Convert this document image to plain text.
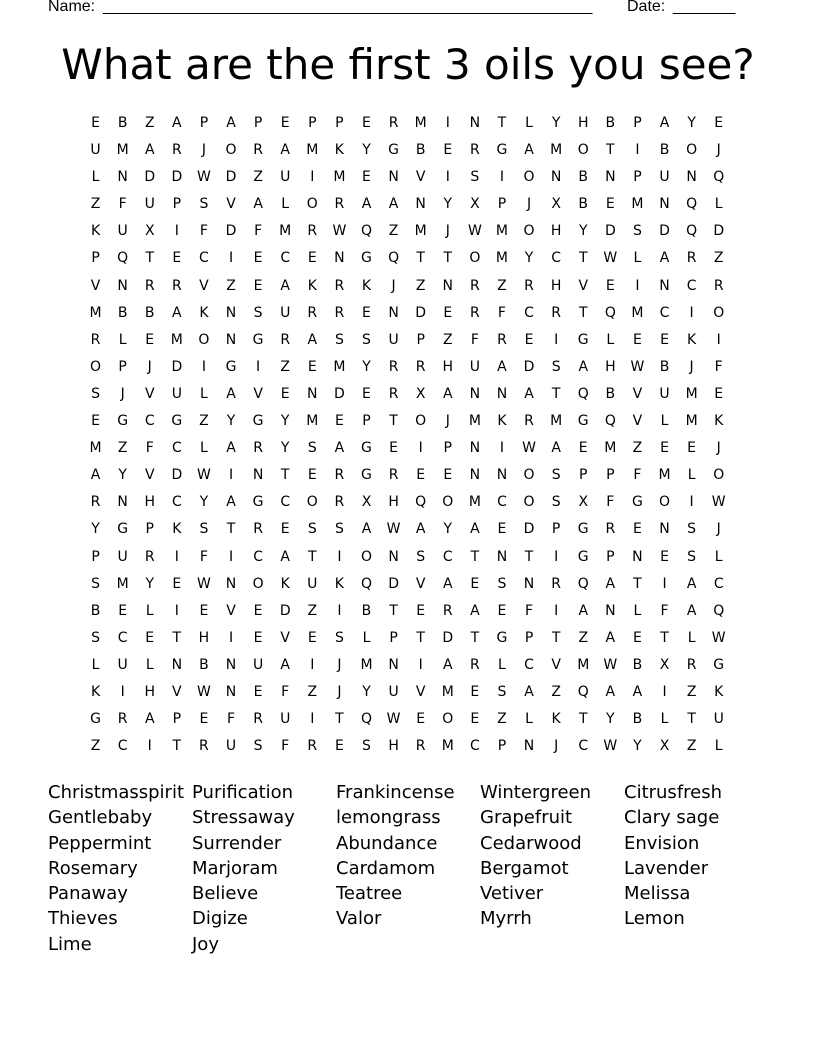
Name: _______________________________________________________ Date: _______
What are the first 3 oils you see?
E	B	Z	A	P	A	P	E	P	P	E	R	M	I	N	T	L	Y	H	B	P	A	Y	E
U	M	A	R	J	O	R	A	M	K	Y	G	B	E	R	G	A	M	O	T	I	B	O	J
L	N	D	D	W	D	Z	U	I	M	E	N	V	I	S	I	O	N	B	N	P	U	N	Q
Z	F	U	P	S	V	A	L	O	R	A	A	N	Y	X	P	J	X	B	E	M	N	Q	L
K	U	X	I	F	D	F	M	R	W	Q	Z	M	J	W	M	O	H	Y	D	S	D	Q	D
P	Q	T	E	C	I	E	C	E	N	G	Q	T	T	O	M	Y	C	T	W	L	A	R	Z
V	N	R	R	V	Z	E	A	K	R	K	J	Z	N	R	Z	R	H	V	E	I	N	C	R
M	B	B	A	K	N	S	U	R	R	E	N	D	E	R	F	C	R	T	Q	M	C	I	O
R	L	E	M	O	N	G	R	A	S	S	U	P	Z	F	R	E	I	G	L	E	E	K	I
O	P	J	D	I	G	I	Z	E	M	Y	R	R	H	U	A	D	S	A	H	W	B	J	F
S	J	V	U	L	A	V	E	N	D	E	R	X	A	N	N	A	T	Q	B	V	U	M	E
E	G	C	G	Z	Y	G	Y	M	E	P	T	O	J	M	K	R	M	G	Q	V	L	M	K
M	Z	F	C	L	A	R	Y	S	A	G	E	I	P	N	I	W	A	E	M	Z	E	E	J
A	Y	V	D	W	I	N	T	E	R	G	R	E	E	N	N	O	S	P	P	F	M	L	O
R	N	H	C	Y	A	G	C	O	R	X	H	Q	O	M	C	O	S	X	F	G	O	I	W
Y	G	P	K	S	T	R	E	S	S	A	W	A	Y	A	E	D	P	G	R	E	N	S	J
P	U	R	I	F	I	C	A	T	I	O	N	S	C	T	N	T	I	G	P	N	E	S	L
S	M	Y	E	W	N	O	K	U	K	Q	D	V	A	E	S	N	R	Q	A	T	I	A	C
B	E	L	I	E	V	E	D	Z	I	B	T	E	R	A	E	F	I	A	N	L	F	A	Q
S	C	E	T	H	I	E	V	E	S	L	P	T	D	T	G	P	T	Z	A	E	T	L	W
L	U	L	N	B	N	U	A	I	J	M	N	I	A	R	L	C	V	M	W	B	X	R	G
K	I	H	V	W	N	E	F	Z	J	Y	U	V	M	E	S	A	Z	Q	A	A	I	Z	K
G	R	A	P	E	F	R	U	I	T	Q	W	E	O	E	Z	L	K	T	Y	B	L	T	U
Z	C	I	T	R	U	S	F	R	E	S	H	R	M	C	P	N	J	C	W	Y	X	Z	L
Christmasspirit
Gentlebaby
Peppermint
Rosemary
Panaway
Thieves
Lime
Purification
Stressaway
Surrender
Marjoram
Believe
Digize
Joy
Frankincense
lemongrass
Abundance
Cardamom
Teatree
Valor
Wintergreen
Grapefruit
Cedarwood
Bergamot
Vetiver
Myrrh
Citrusfresh
Clary sage
Envision
Lavender
Melissa
Lemon
